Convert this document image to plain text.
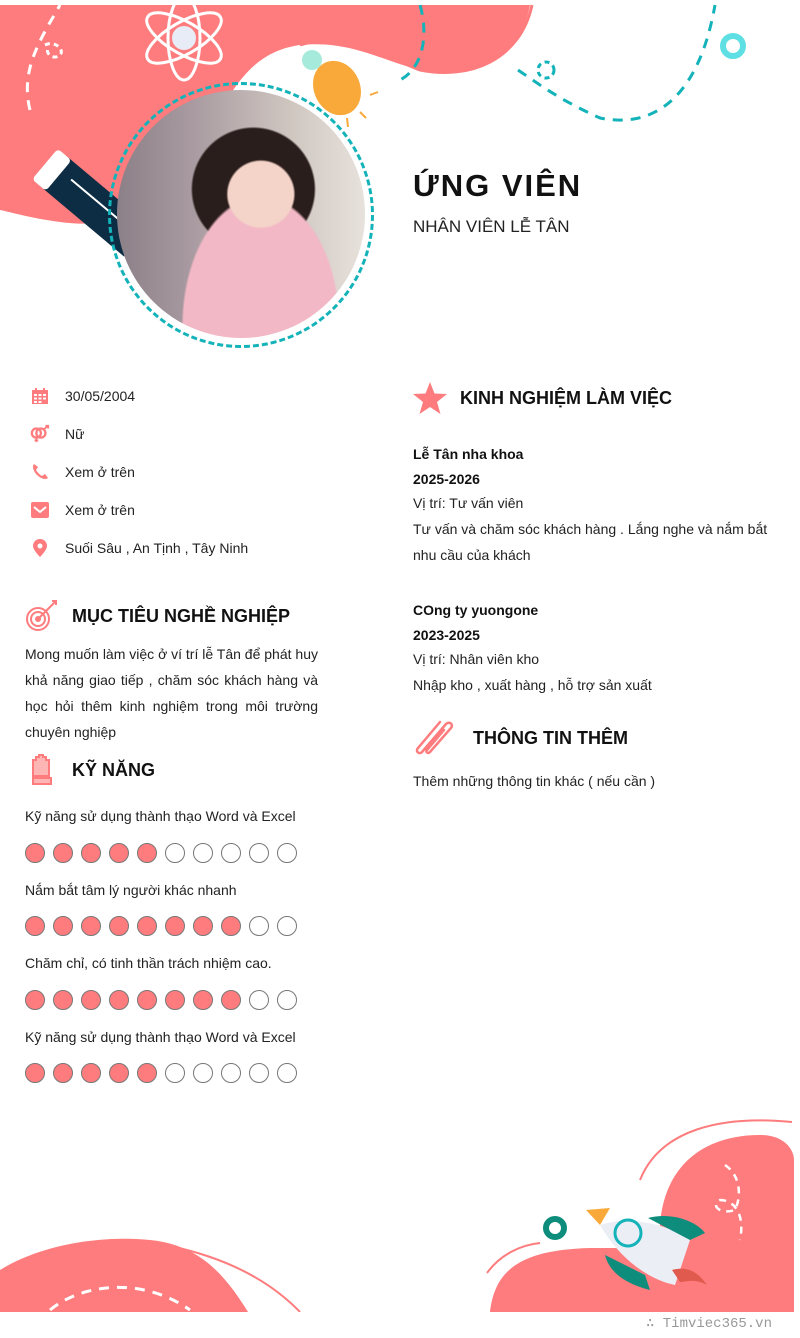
ỨNG VIÊN
NHÂN VIÊN LỄ TÂN
30/05/2004
Nữ
Xem ở trên
Xem ở trên
Suối Sâu , An Tịnh , Tây Ninh
MỤC TIÊU NGHỀ NGHIỆP
Mong muốn làm việc ở ví trí lễ Tân để phát huy khả năng giao tiếp , chăm sóc khách hàng và học hỏi thêm kinh nghiệm trong môi trường chuyên nghiệp
KỸ NĂNG
Kỹ năng sử dụng thành thạo Word và Excel
Nắm bắt tâm lý người khác nhanh
Chăm chỉ, có tinh thần trách nhiệm cao.
Kỹ năng sử dụng thành thạo Word và Excel
KINH NGHIỆM LÀM VIỆC
Lễ Tân nha khoa
2025-2026
Vị trí: Tư vấn viên
Tư vấn và chăm sóc khách hàng . Lắng nghe và nắm bắt nhu cầu của khách
COng ty yuongone
2023-2025
Vị trí: Nhân viên kho
Nhập kho , xuất hàng , hỗ trợ sản xuất
THÔNG TIN THÊM
Thêm những thông tin khác ( nếu cần )
∴ Timviec365.vn
